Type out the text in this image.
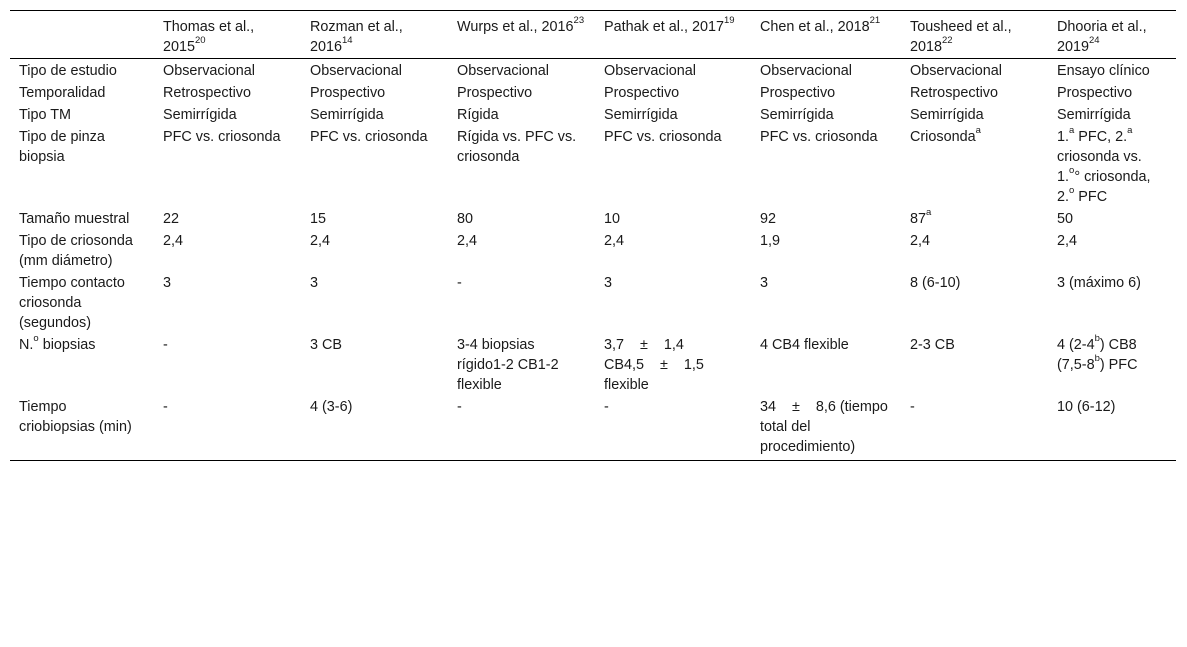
	Thomas et al., 2015$^{20}$	Rozman et al., 2016$^{14}$	Wurps et al., 2016$^{23}$	Pathak et al., 2017$^{19}$	Chen et al., 2018$^{21}$	Tousheed et al., 2018$^{22}$	Dhooria et al., 2019$^{24}$
Tipo de estudio	Observacional	Observacional	Observacional	Observacional	Observacional	Observacional	Ensayo clínico
Temporalidad	Retrospectivo	Prospectivo	Prospectivo	Prospectivo	Prospectivo	Retrospectivo	Prospectivo
Tipo TM	Semirrígida	Semirrígida	Rígida	Semirrígida	Semirrígida	Semirrígida	Semirrígida
Tipo de pinza biopsia	PFC vs. criosonda	PFC vs. criosonda	Rígida vs. PFC vs. criosonda	PFC vs. criosonda	PFC vs. criosonda	Criosonda$^a$	1.$^a$ PFC, 2.$^a$ criosonda vs. 1.$^o$° criosonda, 2.$^o$ PFC
Tamaño muestral	22	15	80	10	92	87$^a$	50
Tipo de criosonda (mm diámetro)	2,4	2,4	2,4	2,4	1,9	2,4	2,4
Tiempo contacto criosonda (segundos)	3	3	-	3	3	8 (6-10)	3 (máximo 6)
N.$^o$ biopsias	-	3 CB	3-4 biopsias rígido1-2 CB1-2 flexible	3,7    ±    1,4 CB4,5    ±    1,5 flexible	4 CB4 flexible	2-3 CB	4 (2-4$^b$) CB8 (7,5-8$^b$) PFC
Tiempo criobiopsias (min)	-	4 (3-6)	-	-	34    ±    8,6 (tiempo total del procedimiento)	-	10 (6-12)
